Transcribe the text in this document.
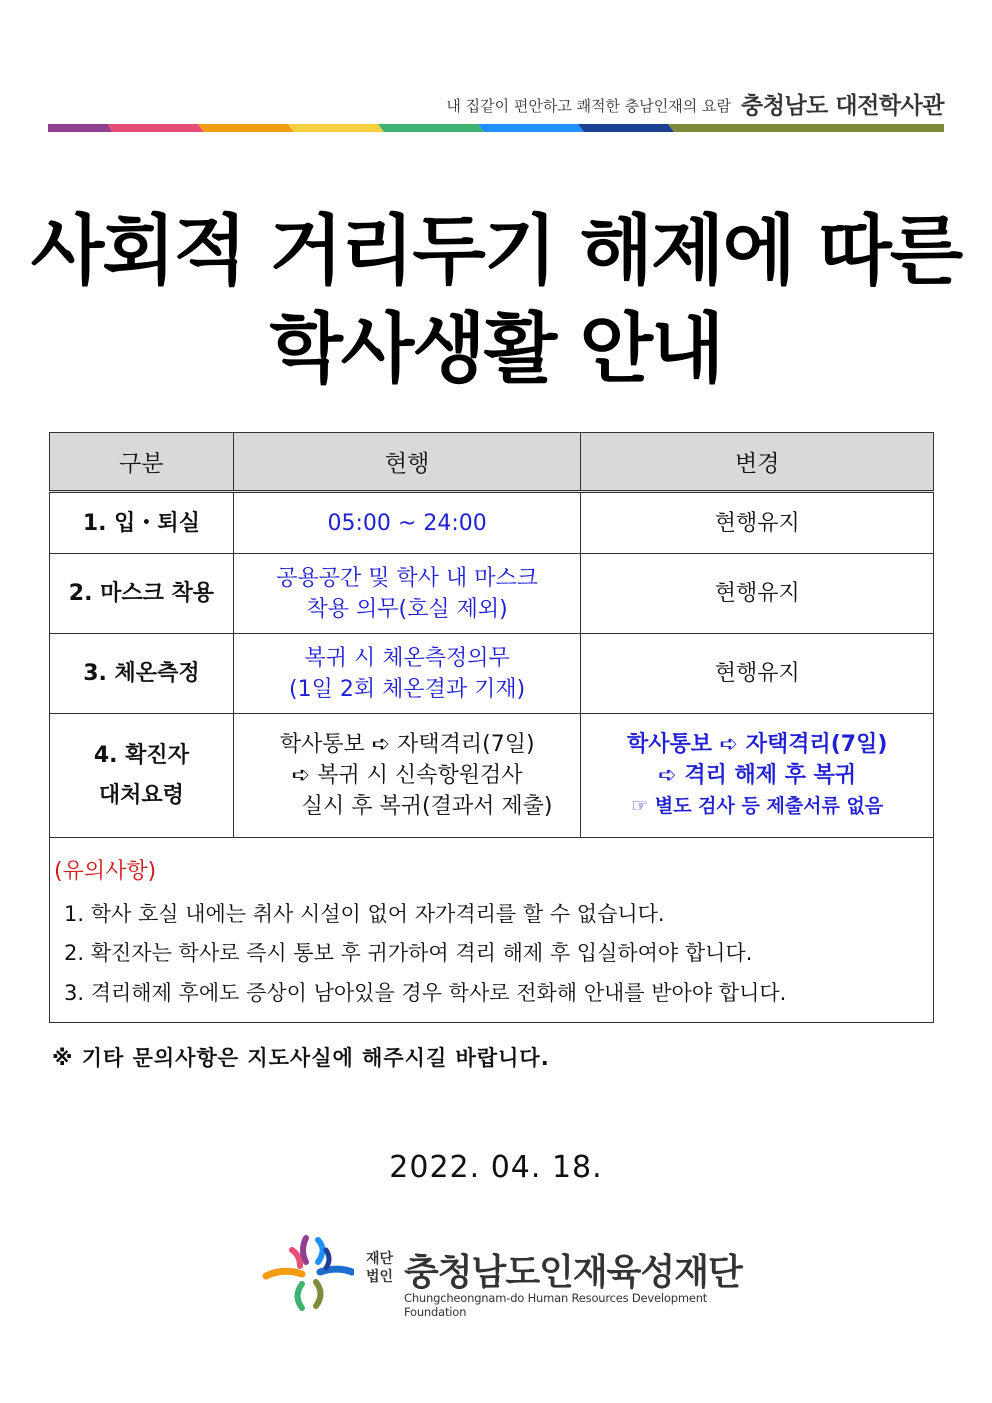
내 집같이 편안하고 쾌적한 충남인재의 요람 충청남도 대전학사관
사회적 거리두기 해제에 따른
학사생활 안내
구분	현행	변경

1. 입・퇴실	05:00 ~ 24:00	현행유지

2. 마스크 착용	공용공간 및 학사 내 마스크
착용 의무(호실 제외)	현행유지

3. 체온측정	복귀 시 체온측정의무
(1일 2회 체온결과 기재)	현행유지

4. 확진자
대처요령	학사통보 ➪ 자택격리(7일)
➪ 복귀 시 신속항원검사
실시 후 복귀(결과서 제출)	학사통보 ➪ 자택격리(7일)
➪ 격리 해제 후 복귀
☞ 별도 검사 등 제출서류 없음
(유의사항)
1. 학사 호실 내에는 취사 시설이 없어 자가격리를 할 수 없습니다.
2. 확진자는 학사로 즉시 통보 후 귀가하여 격리 해제 후 입실하여야 합니다.
3. 격리해제 후에도 증상이 남아있을 경우 학사로 전화해 안내를 받아야 합니다.
※ 기타 문의사항은 지도사실에 해주시길 바랍니다.
2022. 04. 18.
재단
법인 충청남도인재육성재단
Chungcheongnam-do Human Resources Development Foundation
